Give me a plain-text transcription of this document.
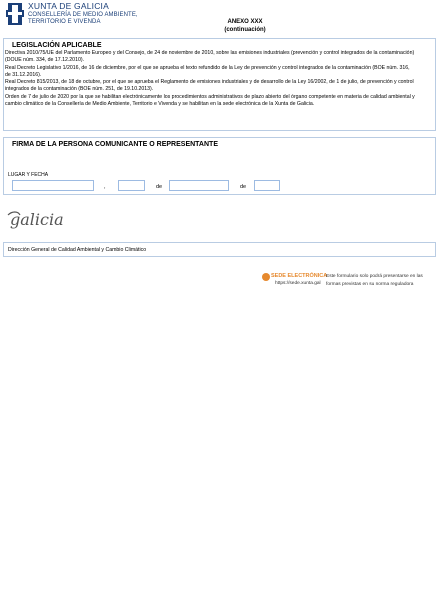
XUNTA DE GALICIA
CONSELLERÍA DE MEDIO AMBIENTE,
TERRITORIO E VIVENDA	ANEXO XXX
(continuación)
LEGISLACIÓN APLICABLE

Directiva 2010/75/UE del Parlamento Europeo y del Consejo, de 24 de noviembre de 2010, sobre las emisiones industriales (prevención y control integrados de la contaminación)(DOUE núm. 334, de 17.12.2010).

Real Decreto Legislativo 1/2016, de 16 de diciembre, por el que se aprueba el texto refundido de la Ley de prevención y control integrados de la contaminación (BOE núm. 316, de 31.12.2016).

Real Decreto 815/2013, de 18 de octubre, por el que se aprueba el Reglamento de emisiones industriales y de desarrollo de la Ley 16/2002, de 1 de julio, de prevención y control integrados de la contaminación (BOE núm. 251, de 19.10.2013).

Orden de 7 de julio de 2020 por la que se habilitan electrónicamente los procedimientos administrativos de plazo abierto del órgano competente en materia de calidad ambiental y cambio climático de la Consellería de Medio Ambiente, Territorio e Vivenda y se habilitan en la sede electrónica de la Xunta de Galicia.

FIRMA DE LA PERSONA COMUNICANTE O REPRESENTANTE
LUGAR Y FECHA
,	de	de
galicia
Dirección General de Calidad Ambiental y Cambio Climático
SEDE ELECTRÓNICA
https://sede.xunta.gal
Este formulario solo podrá presentarse en las formas previstas en su norma reguladora
